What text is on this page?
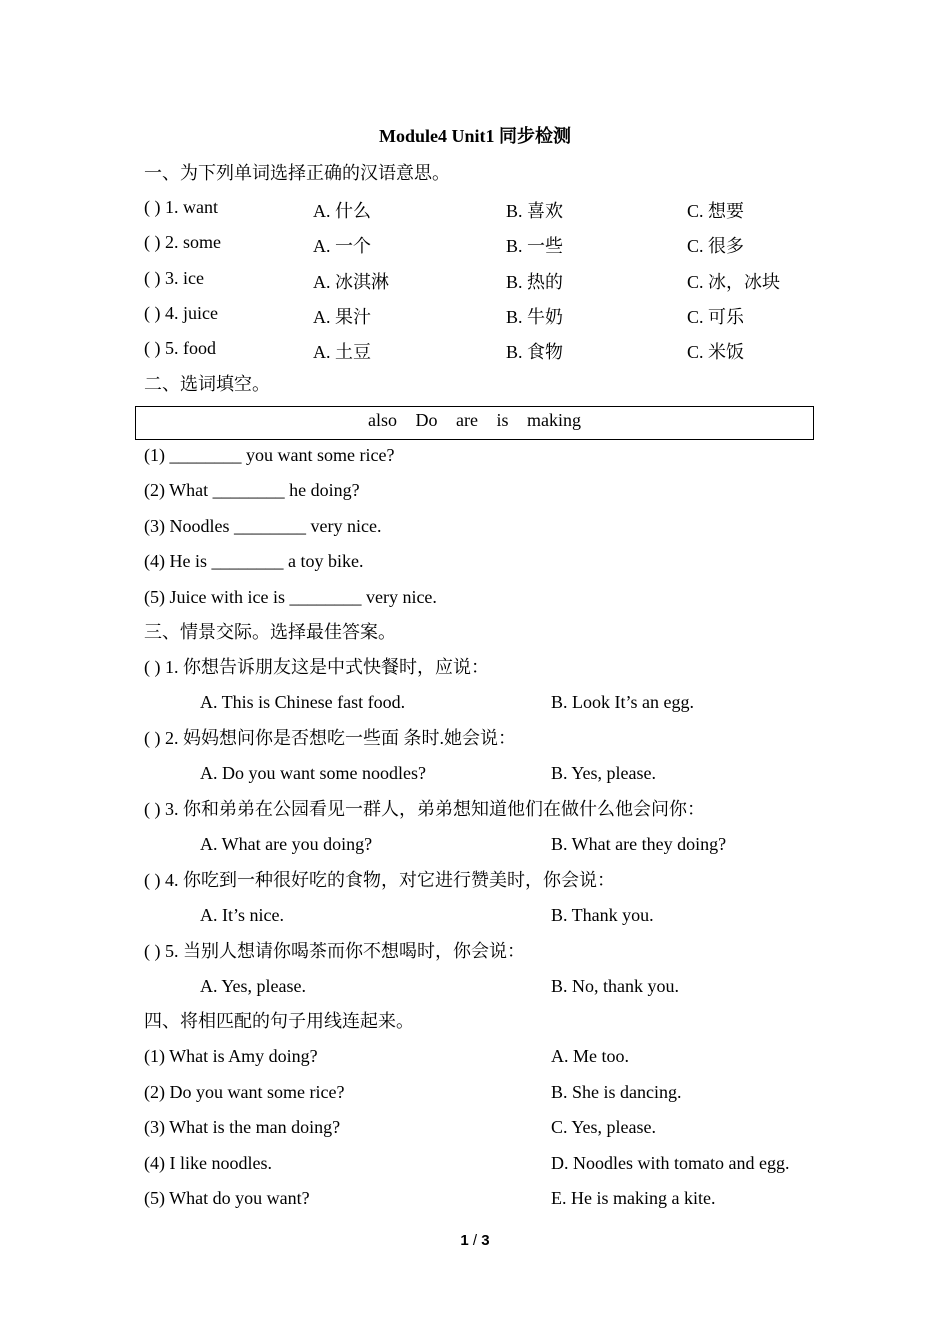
Module4 Unit1 同步检测
一、为下列单词选择正确的汉语意思。
( ) 1. want	A. 什么	B. 喜欢	C. 想要
( ) 2. some	A. 一个	B. 一些	C. 很多
( ) 3. ice	A. 冰淇淋	B. 热的	C. 冰，冰块
( ) 4. juice	A. 果汁	B. 牛奶	C. 可乐
( ) 5. food	A. 土豆	B. 食物	C. 米饭
二、选词填空。
also Do are is making
(1) ________ you want some rice?
(2) What ________ he doing?
(3) Noodles ________ very nice.
(4) He is ________ a toy bike.
(5) Juice with ice is ________ very nice.
三、情景交际。选择最佳答案。
( ) 1. 你想告诉朋友这是中式快餐时，应说：
A. This is Chinese fast food.	B. Look It’s an egg.
( ) 2. 妈妈想问你是否想吃一些面 条时.她会说：
A. Do you want some noodles?	B. Yes, please.
( ) 3. 你和弟弟在公园看见一群人，弟弟想知道他们在做什么他会问你：
A. What are you doing?	B. What are they doing?
( ) 4. 你吃到一种很好吃的食物，对它进行赞美时，你会说：
A. It’s nice.	B. Thank you.
( ) 5. 当别人想请你喝茶而你不想喝时，你会说：
A. Yes, please.	B. No, thank you.
四、将相匹配的句子用线连起来。
(1) What is Amy doing?	A. Me too.
(2) Do you want some rice?	B. She is dancing.
(3) What is the man doing?	C. Yes, please.
(4) I like noodles.	D. Noodles with tomato and egg.
(5) What do you want?	E. He is making a kite.
1 / 3
